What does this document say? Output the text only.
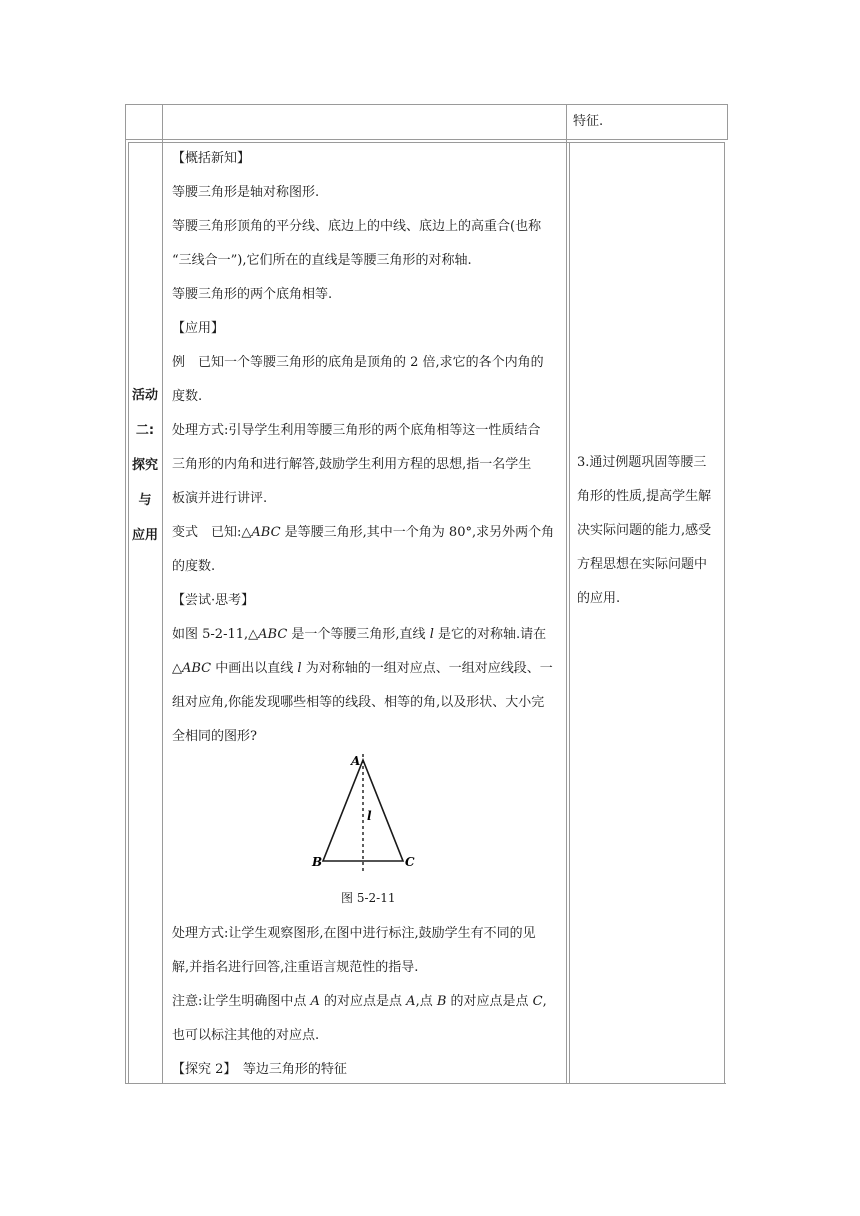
特征.
活动
二:
探究
与
应用
【概括新知】
等腰三角形是轴对称图形.
等腰三角形顶角的平分线、底边上的中线、底边上的高重合(也称
“三线合一”),它们所在的直线是等腰三角形的对称轴.
等腰三角形的两个底角相等.
【应用】
例　已知一个等腰三角形的底角是顶角的 2 倍,求它的各个内角的
度数.
处理方式:引导学生利用等腰三角形的两个底角相等这一性质结合
三角形的内角和进行解答,鼓励学生利用方程的思想,指一名学生
板演并进行讲评.
变式　已知:△ABC 是等腰三角形,其中一个角为 80°,求另外两个角
的度数.
【尝试·思考】
如图 5-2-11,△ABC 是一个等腰三角形,直线 l 是它的对称轴.请在
△ABC 中画出以直线 l 为对称轴的一组对应点、一组对应线段、一
组对应角,你能发现哪些相等的线段、相等的角,以及形状、大小完
全相同的图形?
A
B	C
l
图 5-2-11
处理方式:让学生观察图形,在图中进行标注,鼓励学生有不同的见
解,并指名进行回答,注重语言规范性的指导.
注意:让学生明确图中点 A 的对应点是点 A,点 B 的对应点是点 C,
也可以标注其他的对应点.
【探究 2】　等边三角形的特征
3.通过例题巩固等腰三
角形的性质,提高学生解
决实际问题的能力,感受
方程思想在实际问题中
的应用.
